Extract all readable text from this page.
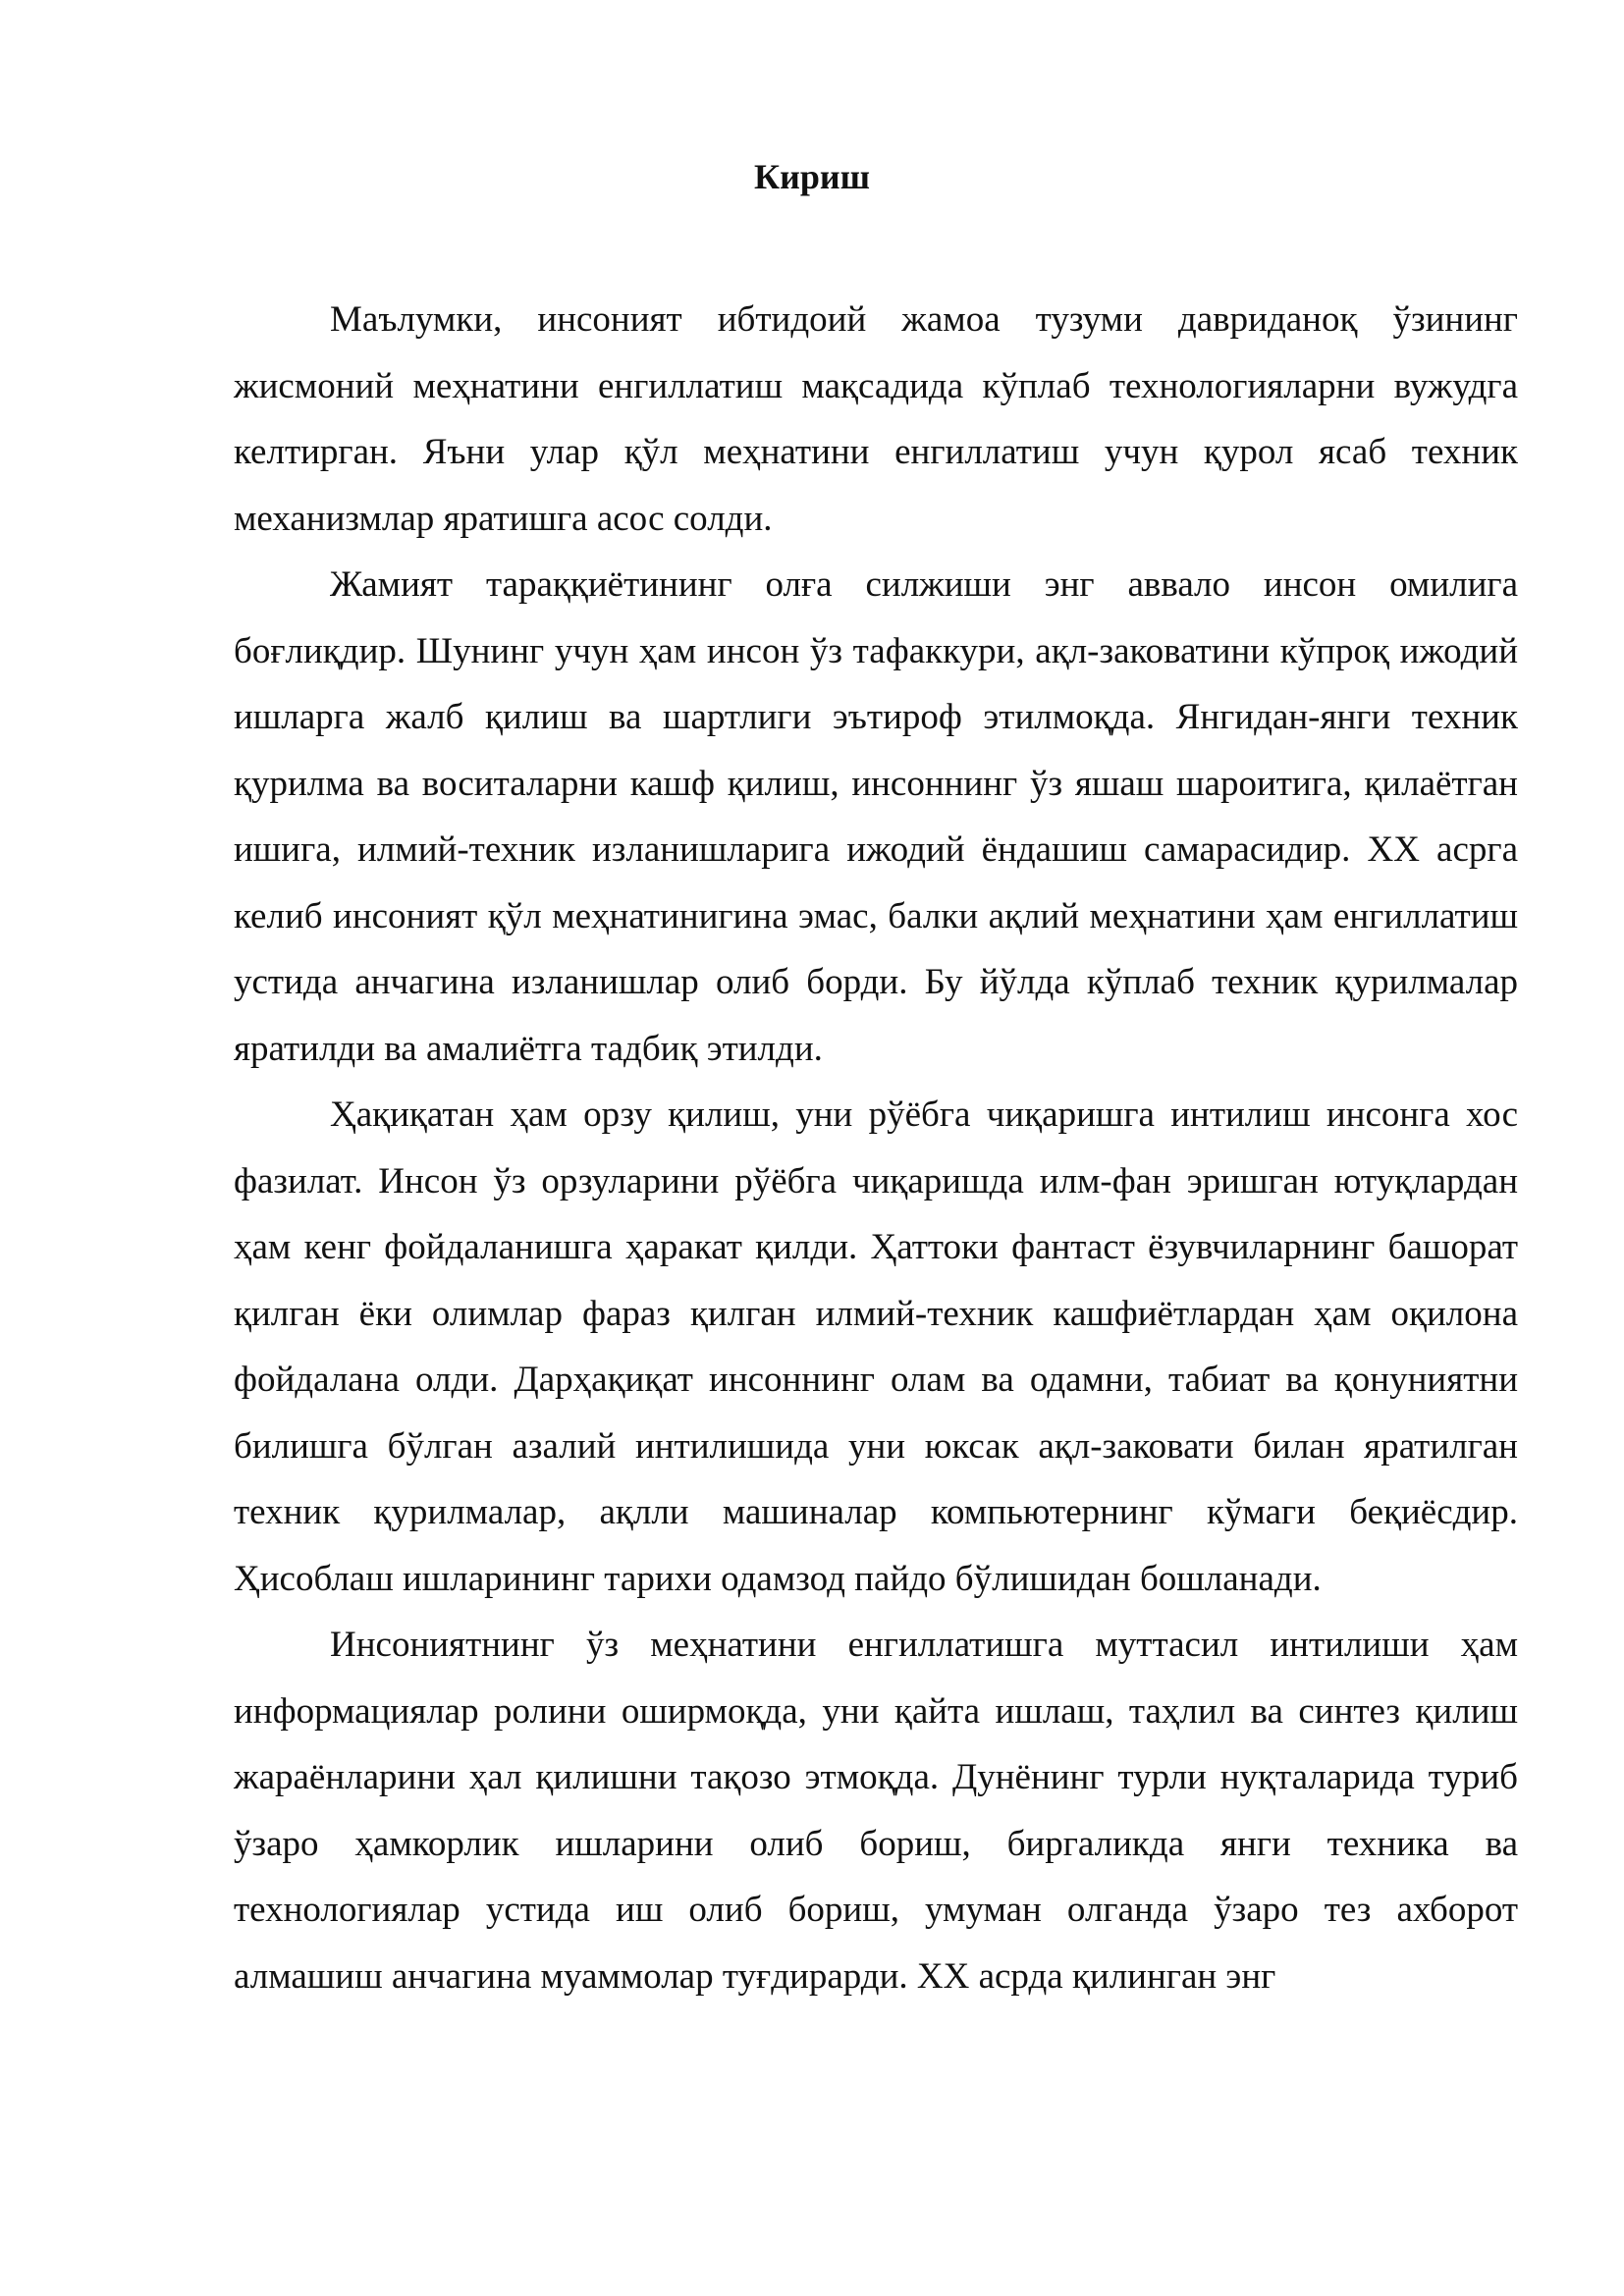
Кириш

Маълумки, инсоният ибтидоий жамоа тузуми давриданоқ ўзининг жисмоний меҳнатини енгиллатиш мақсадида кўплаб технологияларни вужудга келтирган. Яъни улар қўл меҳнатини енгиллатиш учун қурол ясаб техник механизмлар яратишга асос солди.

Жамият тараққиётининг олға силжиши энг аввало инсон омилига боғлиқдир. Шунинг учун ҳам инсон ўз тафаккури, ақл-заковатини кўпроқ ижодий ишларга жалб қилиш ва шартлиги эътироф этилмоқда. Янгидан-янги техник қурилма ва воситаларни кашф қилиш, инсоннинг ўз яшаш шароитига, қилаётган ишига, илмий-техник изланишларига ижодий ёндашиш самарасидир. XX асрга келиб инсоният қўл меҳнатинигина эмас, балки ақлий меҳнатини ҳам енгиллатиш устида анчагина изланишлар олиб борди. Бу йўлда кўплаб техник қурилмалар яратилди ва амалиётга тадбиқ этилди.

Ҳақиқатан ҳам орзу қилиш, уни рўёбга чиқаришга интилиш инсонга хос фазилат. Инсон ўз орзуларини рўёбга чиқаришда илм-фан эришган ютуқлардан ҳам кенг фойдаланишга ҳаракат қилди. Ҳаттоки фантаст ёзувчиларнинг башорат қилган ёки олимлар фараз қилган илмий-техник кашфиётлардан ҳам оқилона фойдалана олди. Дарҳақиқат инсоннинг олам ва одамни, табиат ва қонуниятни билишга бўлган азалий интилишида уни юксак ақл-заковати билан яратилган техник қурилмалар, ақлли машиналар компьютернинг кўмаги беқиёсдир. Ҳисоблаш ишларининг тарихи одамзод пайдо бўлишидан бошланади.

Инсониятнинг ўз меҳнатини енгиллатишга муттасил интилиши ҳам информациялар ролини оширмоқда, уни қайта ишлаш, таҳлил ва синтез қилиш жараёнларини ҳал қилишни тақозо этмоқда. Дунёнинг турли нуқталарида туриб ўзаро ҳамкорлик ишларини олиб бориш, биргаликда янги техника ва технологиялар устида иш олиб бориш, умуман олганда ўзаро тез ахборот алмашиш анчагина муаммолар туғдирарди. XX асрда қилинган энг
